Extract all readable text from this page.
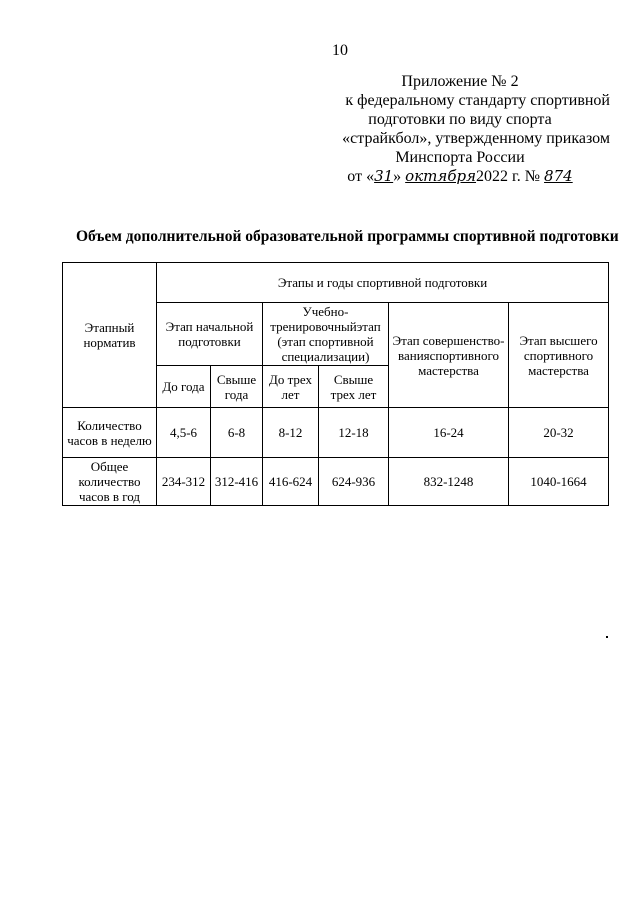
10
Приложение № 2
к федеральному стандарту спортивной
подготовки по виду спорта
«страйкбол», утвержденному приказом
Минспорта России
от «31» октября2022 г. № 874
Объем дополнительной образовательной программы спортивной подготовки
Этапный норматив	Этапы и годы спортивной подготовки					
	Этап начальной подготовки		Учебно-тренировочныйэтап (этап спортивной специализации)		Этап совершенство-ванияспортивного мастерства	Этап высшего спортивного мастерства
	До года	Свыше года	До трех лет	Свыше трех лет		
Количество часов в неделю	4,5-6	6-8	8-12	12-18	16-24	20-32
Общее количество часов в год	234-312	312-416	416-624	624-936	832-1248	1040-1664
